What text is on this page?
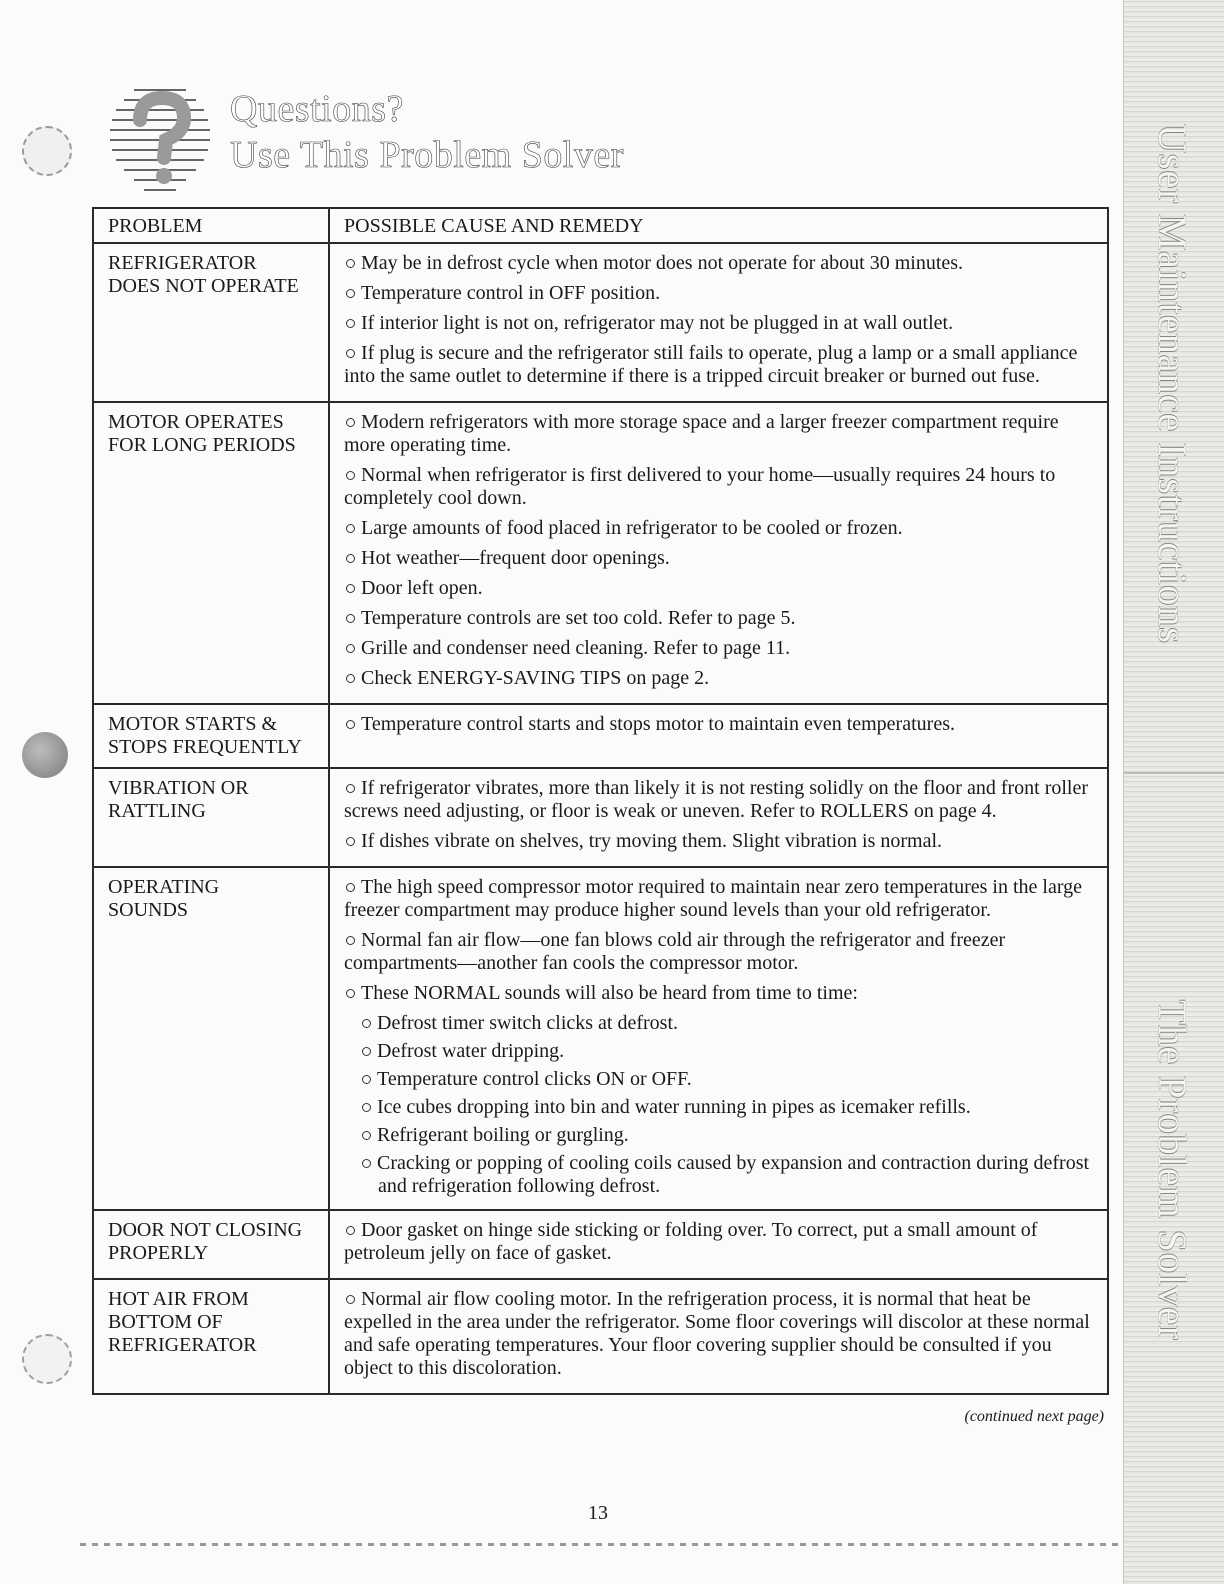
User Maintenance Instructions
The Problem Solver
Questions?
Use This Problem Solver
PROBLEM	POSSIBLE CAUSE AND REMEDY
REFRIGERATOR
DOES NOT OPERATE
May be in defrost cycle when motor does not operate for about 30 minutes.
Temperature control in OFF position.
If interior light is not on, refrigerator may not be plugged in at wall outlet.
If plug is secure and the refrigerator still fails to operate, plug a lamp or a small appliance into the same outlet to determine if there is a tripped circuit breaker or burned out fuse.
MOTOR OPERATES
FOR LONG PERIODS
Modern refrigerators with more storage space and a larger freezer compartment require more operating time.
Normal when refrigerator is first delivered to your home—usually requires 24 hours to completely cool down.
Large amounts of food placed in refrigerator to be cooled or frozen.
Hot weather—frequent door openings.
Door left open.
Temperature controls are set too cold. Refer to page 5.
Grille and condenser need cleaning. Refer to page 11.
Check ENERGY-SAVING TIPS on page 2.
MOTOR STARTS &
STOPS FREQUENTLY
Temperature control starts and stops motor to maintain even temperatures.
VIBRATION OR
RATTLING
If refrigerator vibrates, more than likely it is not resting solidly on the floor and front roller screws need adjusting, or floor is weak or uneven. Refer to ROLLERS on page 4.
If dishes vibrate on shelves, try moving them. Slight vibration is normal.
OPERATING
SOUNDS
The high speed compressor motor required to maintain near zero temperatures in the large freezer compartment may produce higher sound levels than your old refrigerator.
Normal fan air flow—one fan blows cold air through the refrigerator and freezer compartments—another fan cools the compressor motor.
These NORMAL sounds will also be heard from time to time:
Defrost timer switch clicks at defrost.
Defrost water dripping.
Temperature control clicks ON or OFF.
Ice cubes dropping into bin and water running in pipes as icemaker refills.
Refrigerant boiling or gurgling.
Cracking or popping of cooling coils caused by expansion and contraction during defrost and refrigeration following defrost.
DOOR NOT CLOSING
PROPERLY
Door gasket on hinge side sticking or folding over. To correct, put a small amount of petroleum jelly on face of gasket.
HOT AIR FROM
BOTTOM OF
REFRIGERATOR
Normal air flow cooling motor. In the refrigeration process, it is normal that heat be expelled in the area under the refrigerator. Some floor coverings will discolor at these normal and safe operating temperatures. Your floor covering supplier should be consulted if you object to this discoloration.
(continued next page)
13
